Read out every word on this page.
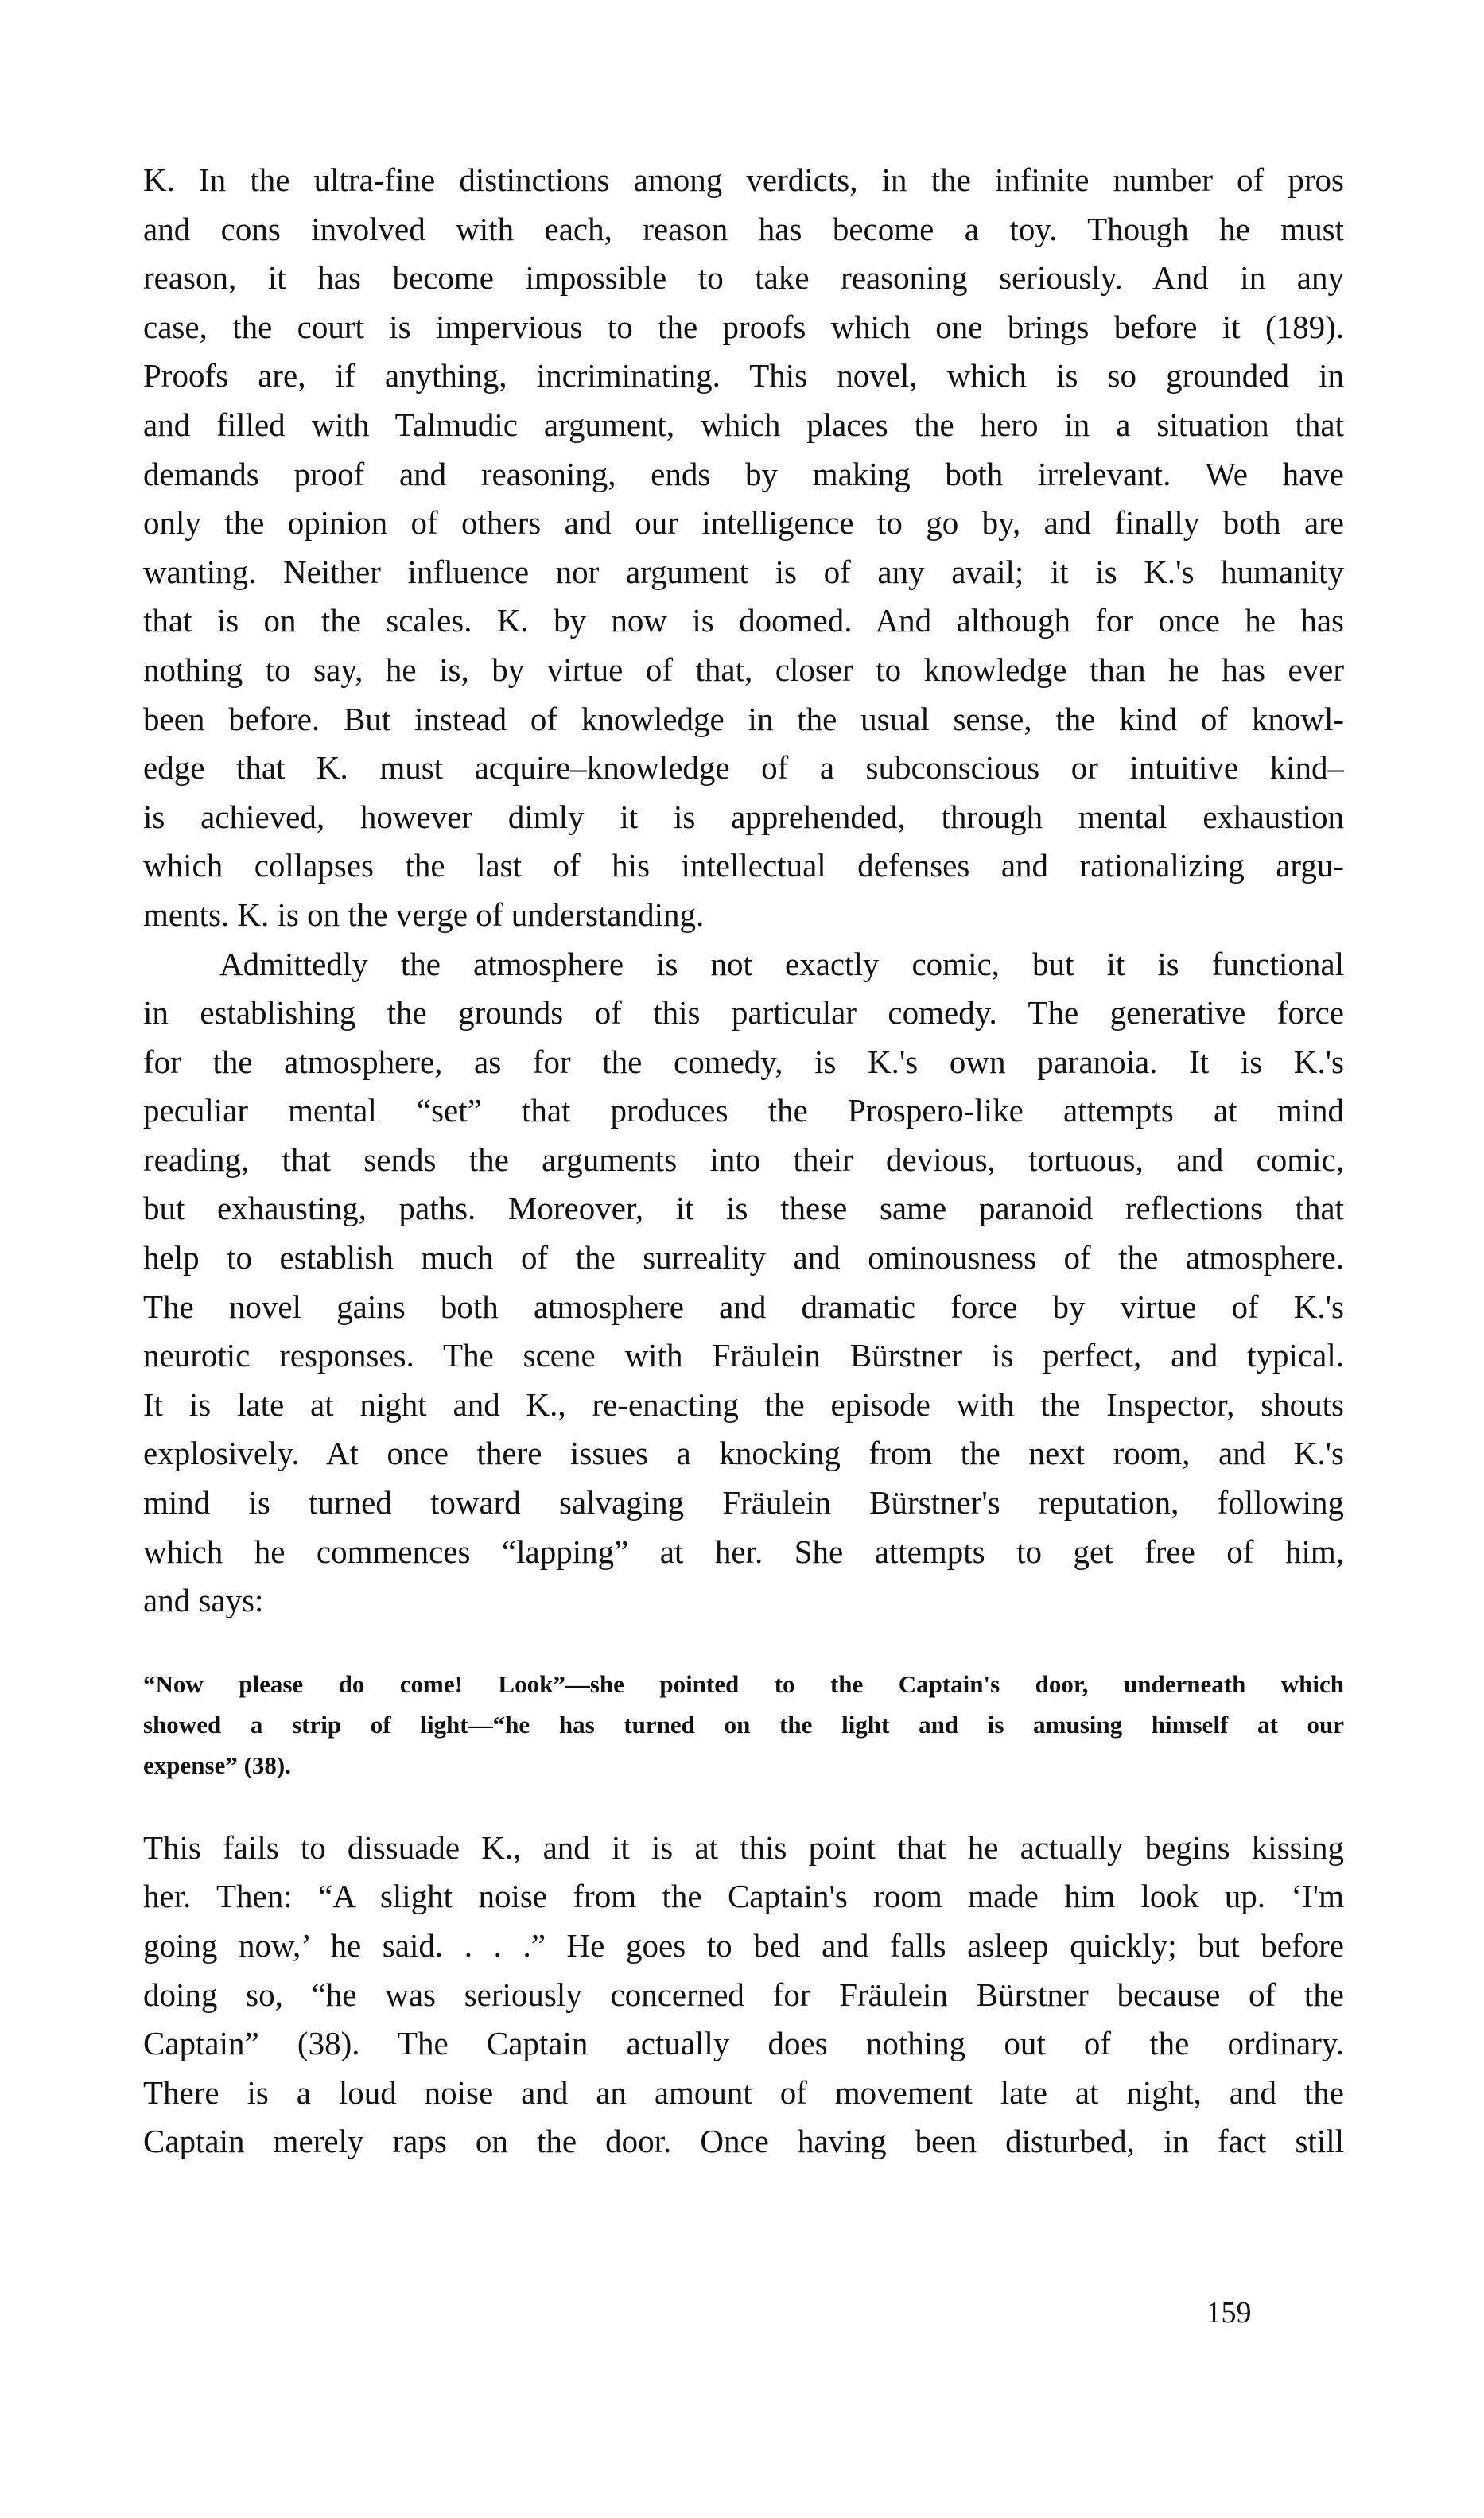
K. In the ultra-fine distinctions among verdicts, in the infinite number of pros
and cons involved with each, reason has become a toy. Though he must
reason, it has become impossible to take reasoning seriously. And in any
case, the court is impervious to the proofs which one brings before it (189).
Proofs are, if anything, incriminating. This novel, which is so grounded in
and filled with Talmudic argument, which places the hero in a situation that
demands proof and reasoning, ends by making both irrelevant. We have
only the opinion of others and our intelligence to go by, and finally both are
wanting. Neither influence nor argument is of any avail; it is K.'s humanity
that is on the scales. K. by now is doomed. And although for once he has
nothing to say, he is, by virtue of that, closer to knowledge than he has ever
been before. But instead of knowledge in the usual sense, the kind of knowl-
edge that K. must acquire–knowledge of a subconscious or intuitive kind–
is achieved, however dimly it is apprehended, through mental exhaustion
which collapses the last of his intellectual defenses and rationalizing argu-
ments. K. is on the verge of understanding.
Admittedly the atmosphere is not exactly comic, but it is functional
in establishing the grounds of this particular comedy. The generative force
for the atmosphere, as for the comedy, is K.'s own paranoia. It is K.'s
peculiar mental “set” that produces the Prospero-like attempts at mind
reading, that sends the arguments into their devious, tortuous, and comic,
but exhausting, paths. Moreover, it is these same paranoid reflections that
help to establish much of the surreality and ominousness of the atmosphere.
The novel gains both atmosphere and dramatic force by virtue of K.'s
neurotic responses. The scene with Fräulein Bürstner is perfect, and typical.
It is late at night and K., re-enacting the episode with the Inspector, shouts
explosively. At once there issues a knocking from the next room, and K.'s
mind is turned toward salvaging Fräulein Bürstner's reputation, following
which he commences “lapping” at her. She attempts to get free of him,
and says:
“Now please do come! Look”—she pointed to the Captain's door, underneath which
showed a strip of light—“he has turned on the light and is amusing himself at our
expense” (38).
This fails to dissuade K., and it is at this point that he actually begins kissing
her. Then: “A slight noise from the Captain's room made him look up. ‘I'm
going now,’ he said. . . .” He goes to bed and falls asleep quickly; but before
doing so, “he was seriously concerned for Fräulein Bürstner because of the
Captain” (38). The Captain actually does nothing out of the ordinary.
There is a loud noise and an amount of movement late at night, and the
Captain merely raps on the door. Once having been disturbed, in fact still
159
